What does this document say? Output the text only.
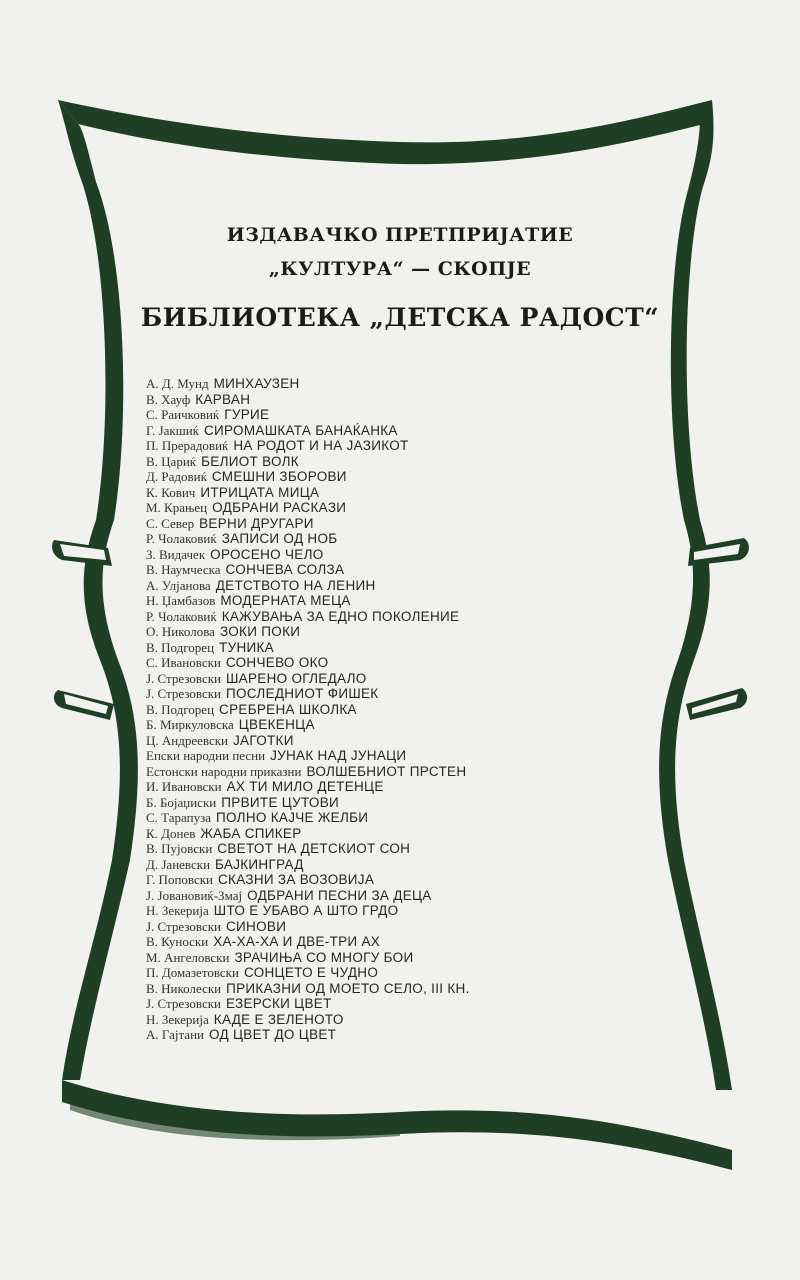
ИЗДАВАЧКО ПРЕТПРИЈАТИЕ
„КУЛТУРА“ — СКОПЈЕ
БИБЛИОТЕКА „ДЕТСКА РАДОСТ“
А. Д. Мунд МИНХАУЗЕН
В. Хауф КАРВАН
С. Раичковиќ ГУРИЕ
Г. Јакшиќ СИРОМАШКАТА БАНАЌАНКА
П. Прерадовиќ НА РОДОТ И НА ЈАЗИКОТ
В. Цариќ БЕЛИОТ ВОЛК
Д. Радовиќ СМЕШНИ ЗБОРОВИ
К. Кович ИТРИЦАТА МИЦА
М. Крањец ОДБРАНИ РАСКАЗИ
С. Север ВЕРНИ ДРУГАРИ
Р. Чолаковиќ ЗАПИСИ ОД НОБ
З. Видачек ОРОСЕНО ЧЕЛО
В. Наумческа СОНЧЕВА СОЛЗА
А. Улјанова ДЕТСТВОТО НА ЛЕНИН
Н. Џамбазов МОДЕРНАТА МЕЦА
Р. Чолаковиќ КАЖУВАЊА ЗА ЕДНО ПОКОЛЕНИЕ
О. Николова ЗОКИ ПОКИ
В. Подгорец ТУНИКА
С. Ивановски СОНЧЕВО ОКО
Ј. Стрезовски ШАРЕНО ОГЛЕДАЛО
Ј. Стрезовски ПОСЛЕДНИОТ ФИШЕК
В. Подгорец СРЕБРЕНА ШКОЛКА
Б. Миркуловска ЦВЕКЕНЦА
Ц. Андреевски ЈАГОТКИ
Епски народни песни ЈУНАК НАД ЈУНАЦИ
Естонски народни приказни ВОЛШЕБНИОТ ПРСТЕН
И. Ивановски АХ ТИ МИЛО ДЕТЕНЦЕ
Б. Бојаџиски ПРВИТЕ ЦУТОВИ
С. Тарапуза ПОЛНО КАЈЧЕ ЖЕЛБИ
К. Донев ЖАБА СПИКЕР
В. Пујовски СВЕТОТ НА ДЕТСКИОТ СОН
Д. Јаневски БАЈКИНГРАД
Г. Поповски СКАЗНИ ЗА ВОЗОВИЈА
Ј. Јовановиќ-Змај ОДБРАНИ ПЕСНИ ЗА ДЕЦА
Н. Зекерија ШТО Е УБАВО А ШТО ГРДО
Ј. Стрезовски СИНОВИ
В. Куноски ХА-ХА-ХА И ДВЕ-ТРИ АХ
М. Ангеловски ЗРАЧИЊА СО МНОГУ БОИ
П. Домазетовски СОНЦЕТО Е ЧУДНО
В. Николески ПРИКАЗНИ ОД МОЕТО СЕЛО, III КН.
Ј. Стрезовски ЕЗЕРСКИ ЦВЕТ
Н. Зекерија КАДЕ Е ЗЕЛЕНОТО
А. Гајтани ОД ЦВЕТ ДО ЦВЕТ
